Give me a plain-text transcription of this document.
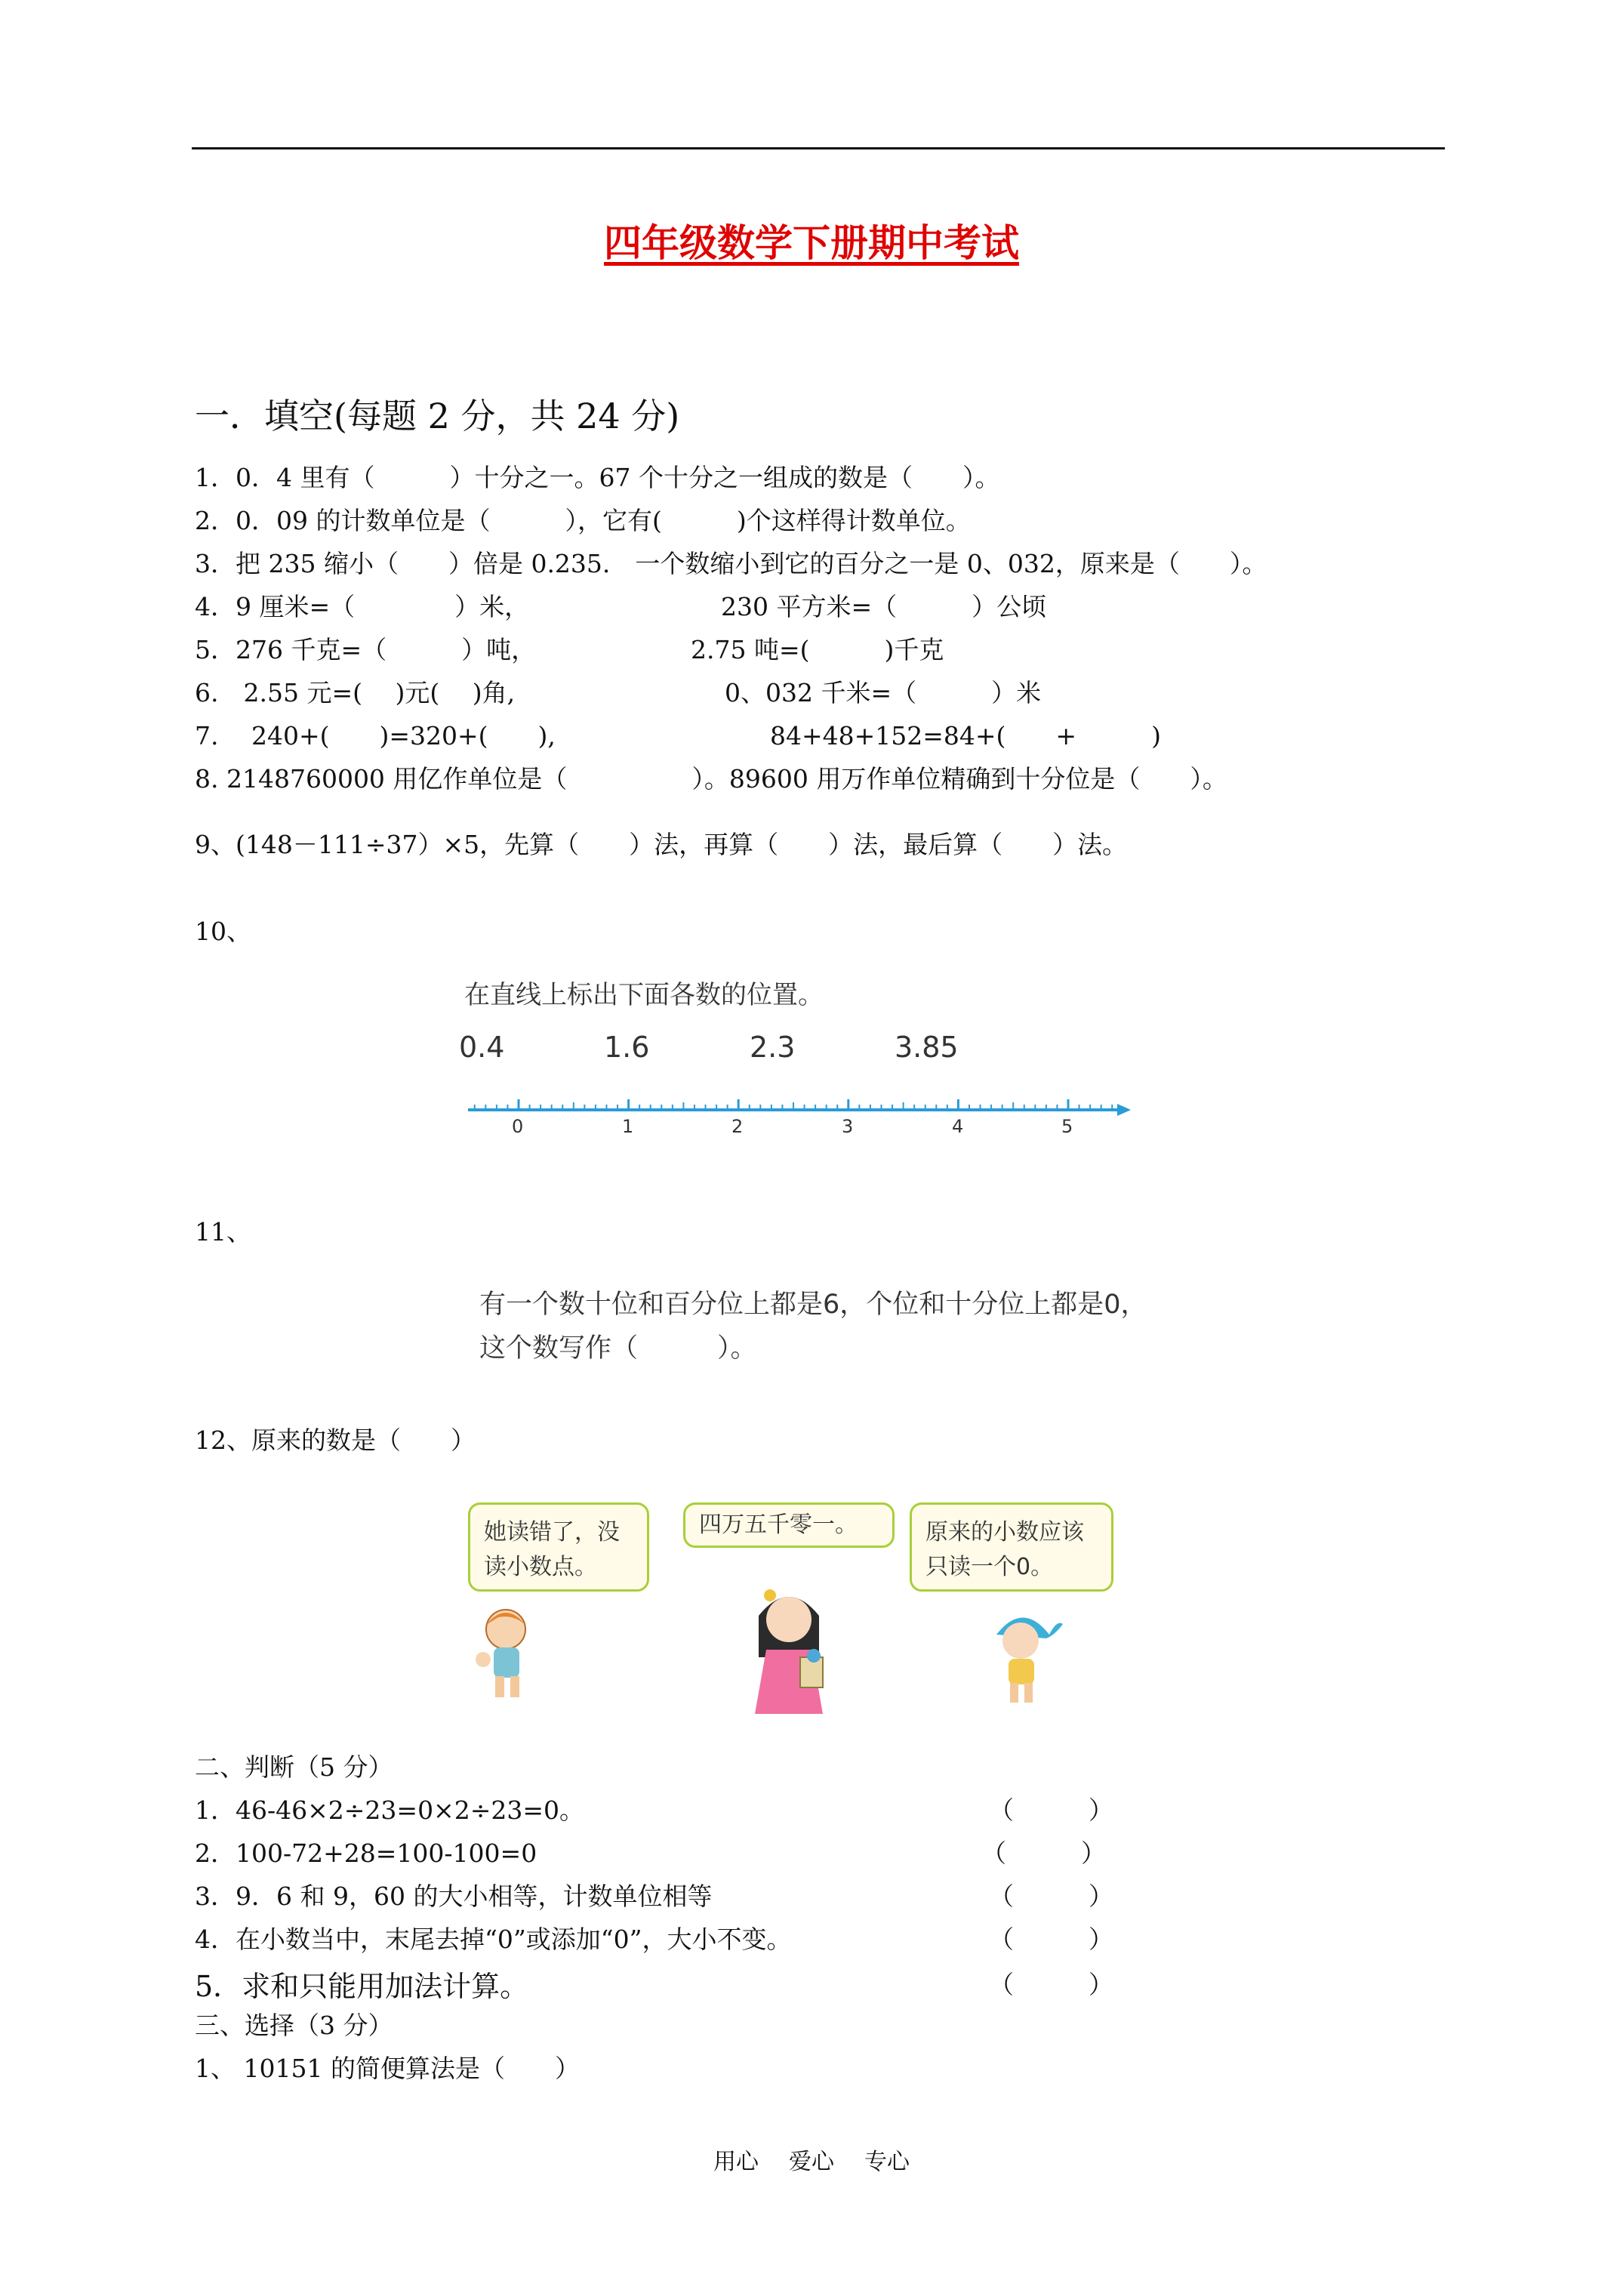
四年级数学下册期中考试
一．填空(每题 2 分，共 24 分)
1．0．4 里有（　　　）十分之一。67 个十分之一组成的数是（　　）。
2．0．09 的计数单位是（　　　），它有(　　　)个这样得计数单位。
3．把 235 缩小（　　）倍是 0.235.　一个数缩小到它的百分之一是 0、032，原来是（　　）。
4．9 厘米=（　　　　）米，	230 平方米=（　　　）公顷
5．276 千克=（　　　）吨，	2.75 吨=(　　　)千克
6.　2.55 元=(　 )元(　 )角,	0、032 千米=（　　　）米
7.　 240+(　　)=320+(　　),	84+48+152=84+(　　+　　　)
8. 2148760000 用亿作单位是（　　　　　）。89600 用万作单位精确到十分位是（　　）。
9、(148－111÷37）×5，先算（　　）法，再算（　　）法，最后算（　　）法。
10、
在直线上标出下面各数的位置。
0.4	1.6	2.3	3.85
0	1	2	3	4	5
11、
有一个数十位和百分位上都是6，个位和十分位上都是0，
这个数写作（　　　）。
12、原来的数是（　　）
她读错了，没读小数点。
四万五千零一。	原来的小数应该只读一个0。
二、判断（5 分）
1．46-46×2÷23=0×2÷23=0。	（　　　）
2．100-72+28=100-100=0	（　　　）
3．9．6 和 9，60 的大小相等，计数单位相等	（　　　）
4．在小数当中，末尾去掉“0”或添加“0”，大小不变。	（　　　）
5．求和只能用加法计算。	（　　　）
三、选择（3 分）
1、 10151 的简便算法是（　　）
用心 爱心 专心
